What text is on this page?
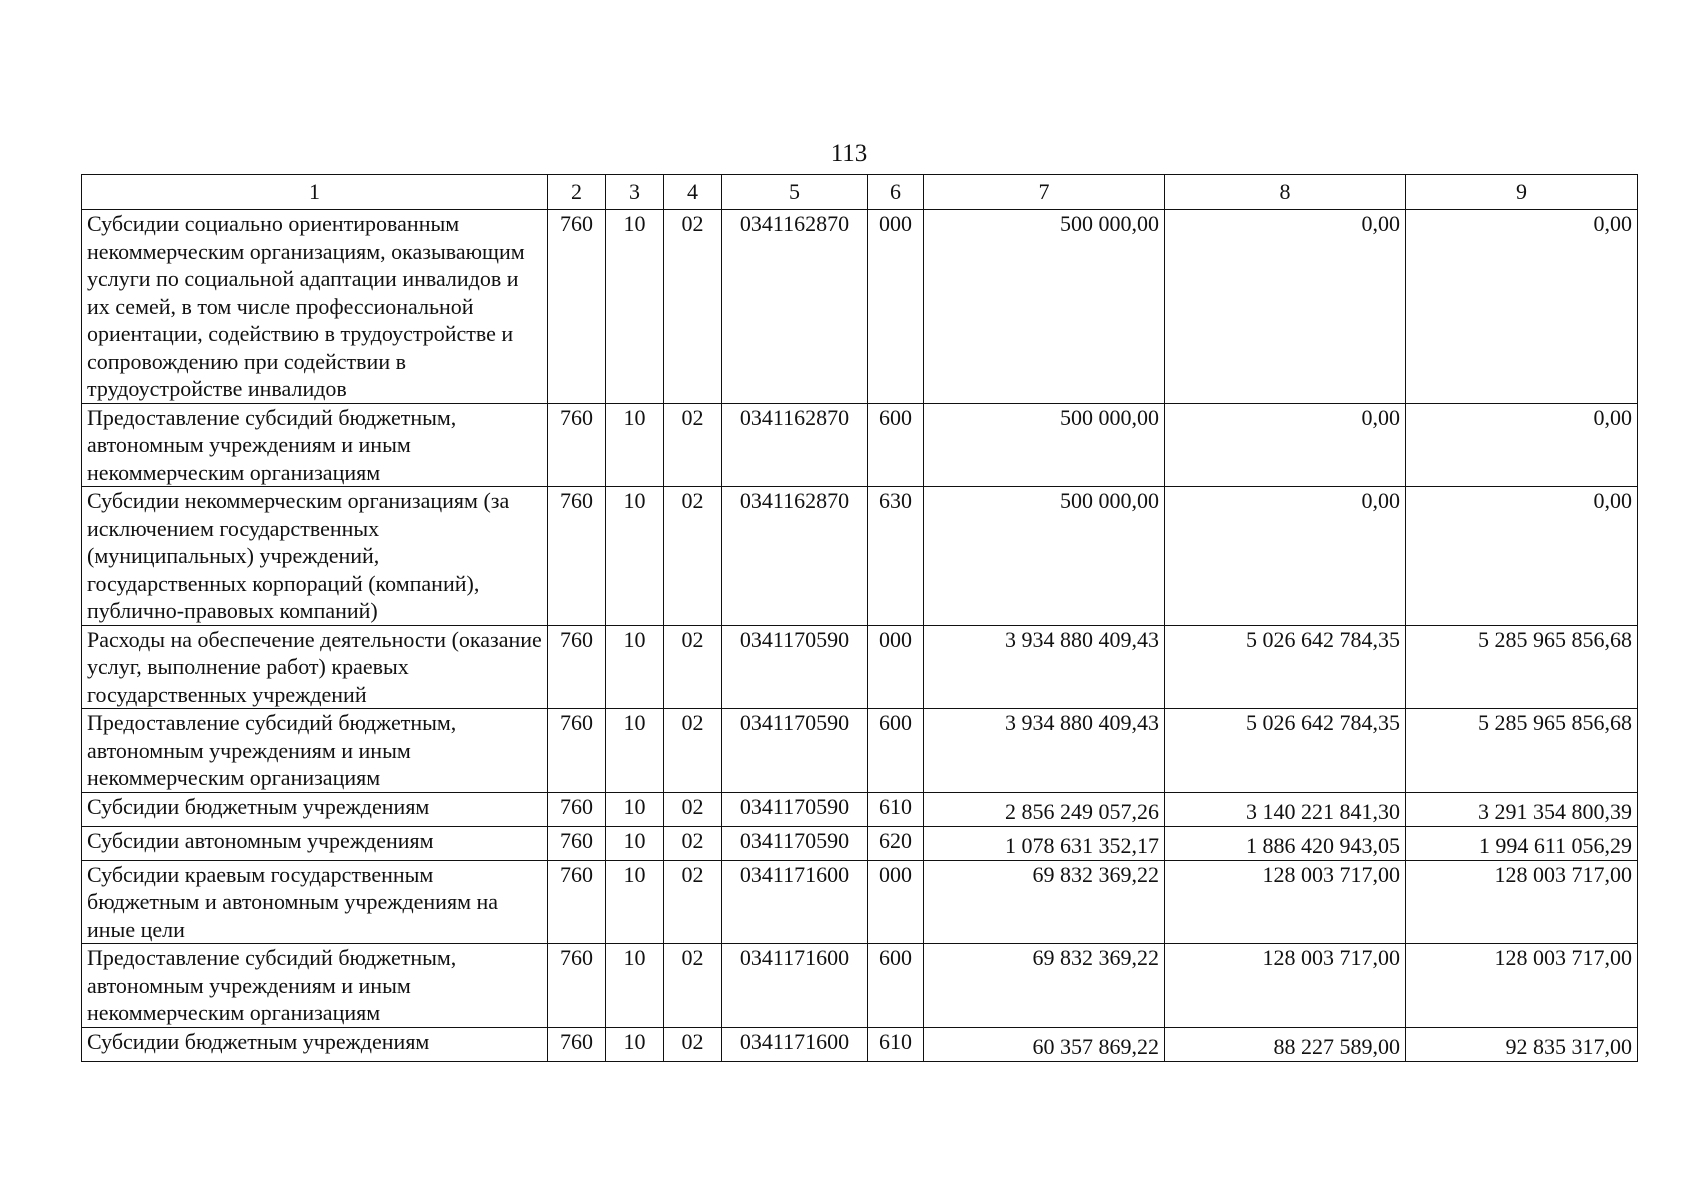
113
1	2	3	4	5	6	7	8	9
Субсидии социально ориентированным некоммерческим организациям, оказывающим услуги по социальной адаптации инвалидов и их семей, в том числе профессиональной ориентации, содействию в трудоустройстве и сопровождению при содействии в трудоустройстве инвалидов	760	10	02	0341162870	000	500 000,00	0,00	0,00
Предоставление субсидий бюджетным, автономным учреждениям и иным некоммерческим организациям	760	10	02	0341162870	600	500 000,00	0,00	0,00
Субсидии некоммерческим организациям (за исключением государственных (муниципальных) учреждений, государственных корпораций (компаний), публично-правовых компаний)	760	10	02	0341162870	630	500 000,00	0,00	0,00
Расходы на обеспечение деятельности (оказание услуг, выполнение работ) краевых государственных учреждений	760	10	02	0341170590	000	3 934 880 409,43	5 026 642 784,35	5 285 965 856,68
Предоставление субсидий бюджетным, автономным учреждениям и иным некоммерческим организациям	760	10	02	0341170590	600	3 934 880 409,43	5 026 642 784,35	5 285 965 856,68
Субсидии бюджетным учреждениям	760	10	02	0341170590	610	2 856 249 057,26	3 140 221 841,30	3 291 354 800,39
Субсидии автономным учреждениям	760	10	02	0341170590	620	1 078 631 352,17	1 886 420 943,05	1 994 611 056,29
Субсидии краевым государственным бюджетным и автономным учреждениям на иные цели	760	10	02	0341171600	000	69 832 369,22	128 003 717,00	128 003 717,00
Предоставление субсидий бюджетным, автономным учреждениям и иным некоммерческим организациям	760	10	02	0341171600	600	69 832 369,22	128 003 717,00	128 003 717,00
Субсидии бюджетным учреждениям	760	10	02	0341171600	610	60 357 869,22	88 227 589,00	92 835 317,00
